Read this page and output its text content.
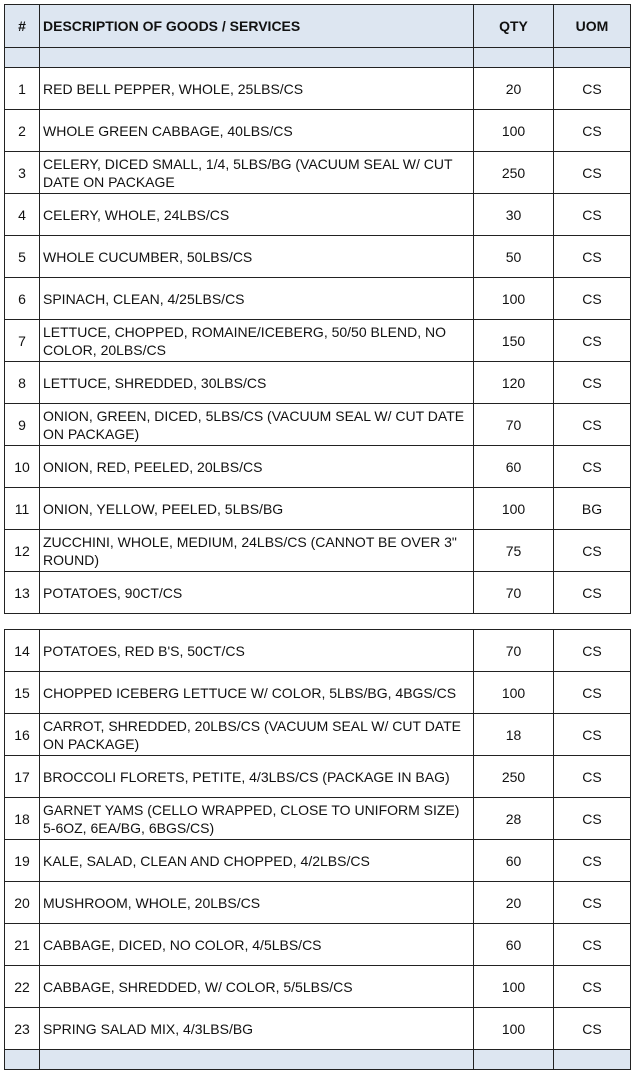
#	DESCRIPTION OF GOODS / SERVICES	QTY	UOM

1	RED BELL PEPPER, WHOLE, 25LBS/CS	20	CS
2	WHOLE GREEN CABBAGE, 40LBS/CS	100	CS
3	CELERY, DICED SMALL, 1/4, 5LBS/BG (VACUUM SEAL W/ CUT DATE ON PACKAGE	250	CS
4	CELERY, WHOLE, 24LBS/CS	30	CS
5	WHOLE CUCUMBER, 50LBS/CS	50	CS
6	SPINACH, CLEAN, 4/25LBS/CS	100	CS
7	LETTUCE, CHOPPED, ROMAINE/ICEBERG, 50/50 BLEND, NO COLOR, 20LBS/CS	150	CS
8	LETTUCE, SHREDDED, 30LBS/CS	120	CS
9	ONION, GREEN, DICED, 5LBS/CS (VACUUM SEAL W/ CUT DATE ON PACKAGE)	70	CS
10	ONION, RED, PEELED, 20LBS/CS	60	CS
11	ONION, YELLOW, PEELED, 5LBS/BG	100	BG
12	ZUCCHINI, WHOLE, MEDIUM, 24LBS/CS (CANNOT BE OVER 3" ROUND)	75	CS
13	POTATOES, 90CT/CS	70	CS
14	POTATOES, RED B'S, 50CT/CS	70	CS
15	CHOPPED ICEBERG LETTUCE W/ COLOR, 5LBS/BG, 4BGS/CS	100	CS
16	CARROT, SHREDDED, 20LBS/CS (VACUUM SEAL W/ CUT DATE ON PACKAGE)	18	CS
17	BROCCOLI FLORETS, PETITE, 4/3LBS/CS (PACKAGE IN BAG)	250	CS
18	GARNET YAMS (CELLO WRAPPED, CLOSE TO UNIFORM SIZE) 5-6OZ, 6EA/BG, 6BGS/CS)	28	CS
19	KALE, SALAD, CLEAN AND CHOPPED, 4/2LBS/CS	60	CS
20	MUSHROOM, WHOLE, 20LBS/CS	20	CS
21	CABBAGE, DICED, NO COLOR, 4/5LBS/CS	60	CS
22	CABBAGE, SHREDDED, W/ COLOR, 5/5LBS/CS	100	CS
23	SPRING SALAD MIX, 4/3LBS/BG	100	CS
